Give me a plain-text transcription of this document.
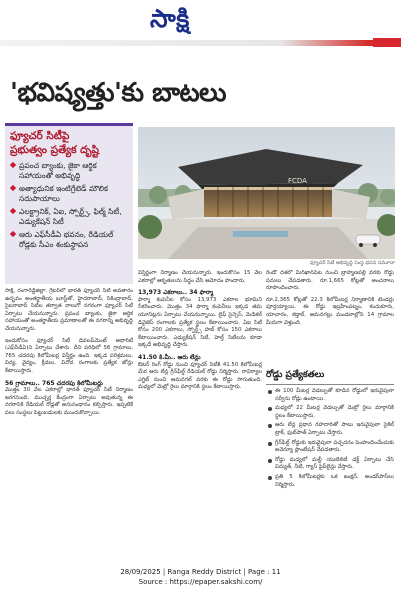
సాక్షి
'భవిష్యత్తు'కు బాటలు
ఫ్యూచర్ సిటీపై
ప్రభుత్వం ప్రత్యేక దృష్టి
ప్రపంచ బ్యాంకు, జైకా ఆర్థిక సహాయంతో అభివృద్ధి
అత్యాధునిక ఇంటిగ్రేటెడ్ మౌలిక సదుపాయాలు
ఎలక్ట్రానిక్, ఏఐ, స్పోర్ట్స్, ఫిల్మ్ సిటీ, ఎడ్యుకేషన్ సిటీ
ఆరు ఎఫ్‌సీడీఏ భవనం, రేడియల్ రోడ్లకు సీఎం శంకుస్థాపన
FCDA
ఫ్యూచర్ సిటీ అభివృద్ధి సంస్థ భవన నమూనా
సాక్షి, రంగారెడ్డిజిల్లా: గ్రేటర్‌లో భారత్ ఫ్యూచర్ సిటీ అవతారం ఉద్భవం అంతర్జాతీయ బూస్ట్‌తో, హైదరాబాద్, సికింద్రాబాద్, సైబరాబాద్ సిటీల తర్వాత నాలుగో నగరంగా ఫ్యూచర్ సిటీ ఏర్పాటు చేయనున్నారు. ప్రపంచ బ్యాంకు, జైకా ఆర్థిక సహాయంతో అంతర్జాతీయ ప్రమాణాలతో ఈ నగరాన్ని అభివృద్ధి చేయనున్నారు.
ఇందుకోసం ఫ్యూచర్ సిటీ డెవలప్‌మెంట్ అథారిటీ (ఎఫ్‌సీడీఏ)ని ఏర్పాటు చేశారు. దీని పరిధిలో 56 గ్రామాలు, 765 చదరపు కిలోమీటర్ల విస్తీర్ణం ఉంది. ఇక్కడ పరిశ్రమలు, విద్య, వైద్యం, క్రీడలు, వినోద రంగాలకు ప్రత్యేక జోన్లు కేటాయిస్తారు.
56 గ్రామాలు.. 765 చదరపు కిలోమీటర్లు
మొత్తం 30 వేల ఎకరాల్లో భారత్ ఫ్యూచర్ సిటీ నిర్మాణం జరగనుంది. ముచ్చర్ల కేంద్రంగా ఏర్పాటు అవుతున్న ఈ నగరానికి రేడియల్ రోడ్లతో అనుసంధానం కల్పిస్తారు. ఇప్పటికే పలు సంస్థలు పెట్టుబడులకు ముందుకొచ్చాయి.
విస్తీర్ణంగా నిర్మాణం చేయనున్నారు. ఇందుకోసం 15 వేల ఎకరాల్లో ఆకృతులను సిద్ధం చేసి ఆమోదం పొందారు.
13,973 ఎకరాలు.. 34 ఫార్మా
ఫార్మా కంపెనీల కోసం 13,973 ఎకరాల భూమిని సేకరించారు. మొత్తం 34 ఫార్మా కంపెనీలు ఇక్కడ తమ యూనిట్లను ఏర్పాటు చేయనున్నాయి. లైఫ్ సైన్సెస్, మెడికల్ డివైజెస్ రంగాలకు ప్రత్యేక స్థలం కేటాయించారు. ఏఐ సిటీ కోసం 200 ఎకరాలు, స్పోర్ట్స్ హబ్ కోసం 150 ఎకరాలు కేటాయించారు. ఎడ్యుకేషన్ సిటీ, హెల్త్ సిటీలను కూడా ఇక్కడే అభివృద్ధి చేస్తారు.
41.50 కి.మీ.. ఆరు లేన్లు
ఔటర్ రింగ్ రోడ్డు నుంచి ఫ్యూచర్ సిటీకి 41.50 కిలోమీటర్ల మేర ఆరు లేన్ల గ్రీన్‌ఫీల్డ్ రేడియల్ రోడ్డు నిర్మిస్తారు. రావిర్యాల ఎగ్జిట్ నుంచి ఆమనగల్ వరకు ఈ రోడ్డు సాగుతుంది. మధ్యలో మెట్రో రైలు మార్గానికి స్థలం కేటాయిస్తారు.
రెండో దశలో మీర్‌ఖాన్‌పేట నుంచి బ్రాహ్మణపల్లి వరకు రోడ్డు పనులు చేపడతారు. రూ.1,665 కోట్లతో అంచనాలు రూపొందించారు.
రూ.2,365 కోట్లతో 22.3 కిలోమీటర్ల నిర్మాణానికి టెండర్లు పూర్తయ్యాయి. ఈ రోడ్డు ఇబ్రహీంపట్నం, కందుకూరు, యాచారం, కడ్తాల్, ఆమనగల్లు మండలాల్లోని 14 గ్రామాల మీదుగా వెళ్తుంది.
రోడ్డు ప్రత్యేకతలు
ఈ 100 మీటర్ల వెడల్పుతో కూడిన రోడ్డులో ఇరువైపులా సర్వీసు రోడ్లు ఉంటాయి.
మధ్యలో 22 మీటర్ల వెడల్పుతో మెట్రో రైలు మార్గానికి స్థలం కేటాయిస్తారు.
ఆరు లేన్ల ప్రధాన రహదారితో పాటు ఇరువైపులా సైకిల్ ట్రాక్, ఫుట్‌పాత్ ఏర్పాటు చేస్తారు.
గ్రీన్‌ఫీల్డ్ రోడ్డుకు ఇరువైపులా పచ్చదనం పెంపొందించేందుకు అవెన్యూ ప్లాంటేషన్ చేపడతారు.
రోడ్డు మధ్యలో మల్టీ యుటిలిటీ డక్ట్ ఏర్పాటు చేసి విద్యుత్, నీటి, గ్యాస్ పైప్‌లైన్లు వేస్తారు.
ప్రతి 5 కిలోమీటర్లకు ఒక జంక్షన్, అండర్‌పాస్‌లు నిర్మిస్తారు.
28/09/2025 | Ranga Reddy District | Page : 11
Source : https://epaper.sakshi.com/
